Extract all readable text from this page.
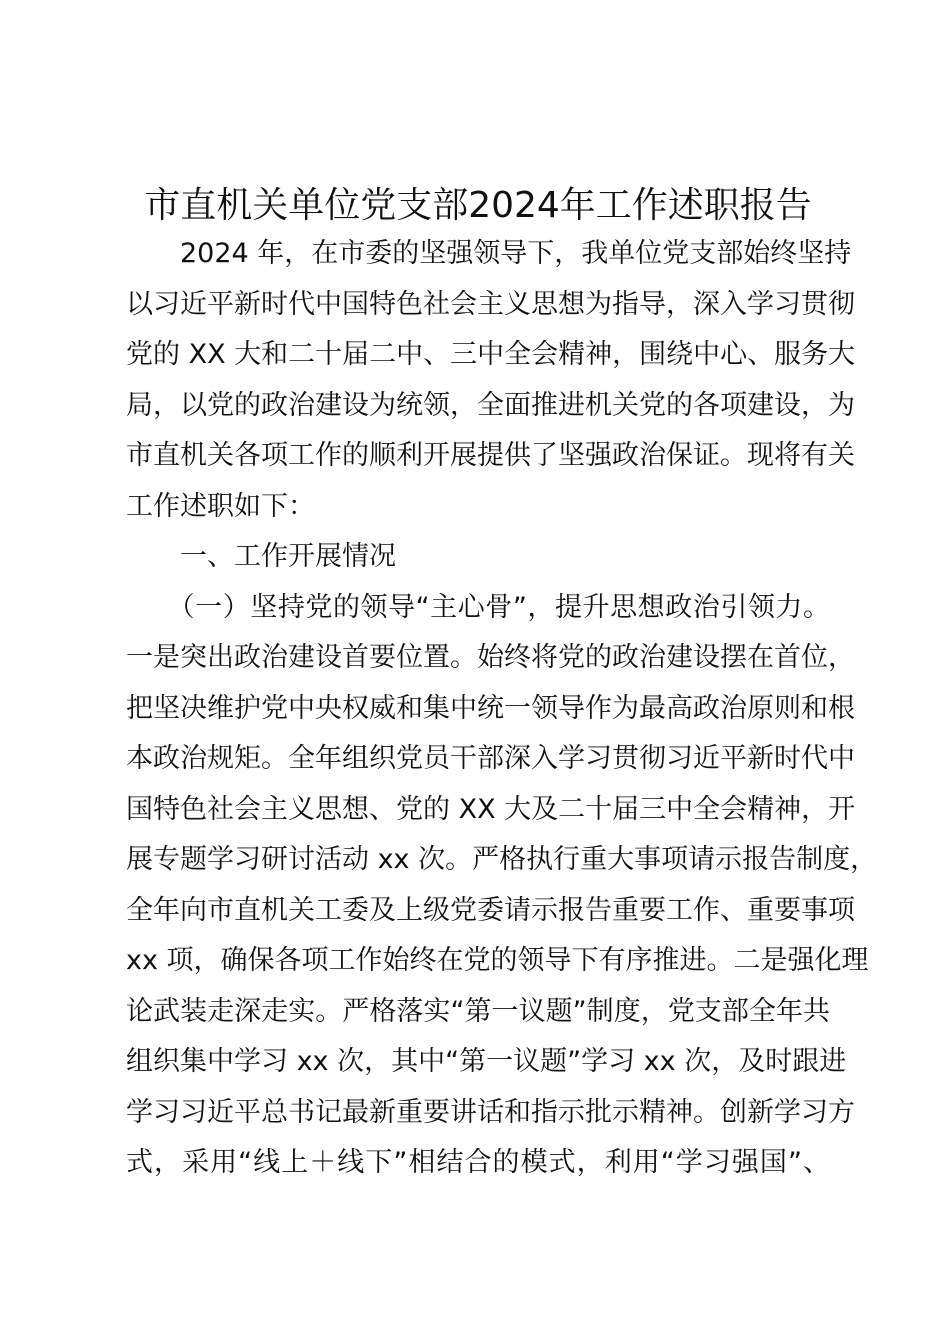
市直机关单位党支部2024年工作述职报告
　　2024 年，在市委的坚强领导下，我单位党支部始终坚持
以习近平新时代中国特色社会主义思想为指导，深入学习贯彻
党的 XX 大和二十届二中、三中全会精神，围绕中心、服务大
局，以党的政治建设为统领，全面推进机关党的各项建设，为
市直机关各项工作的顺利开展提供了坚强政治保证。现将有关
工作述职如下：
　　一、工作开展情况
　　（一）坚持党的领导“主心骨”，提升思想政治引领力。
一是突出政治建设首要位置。始终将党的政治建设摆在首位，
把坚决维护党中央权威和集中统一领导作为最高政治原则和根
本政治规矩。全年组织党员干部深入学习贯彻习近平新时代中
国特色社会主义思想、党的 XX 大及二十届三中全会精神，开
展专题学习研讨活动 xx 次。严格执行重大事项请示报告制度，
全年向市直机关工委及上级党委请示报告重要工作、重要事项
xx 项，确保各项工作始终在党的领导下有序推进。二是强化理
论武装走深走实。严格落实“第一议题”制度，党支部全年共
组织集中学习 xx 次，其中“第一议题”学习 xx 次，及时跟进
学习习近平总书记最新重要讲话和指示批示精神。创新学习方
式，采用“线上＋线下”相结合的模式，利用“学习强国”、
